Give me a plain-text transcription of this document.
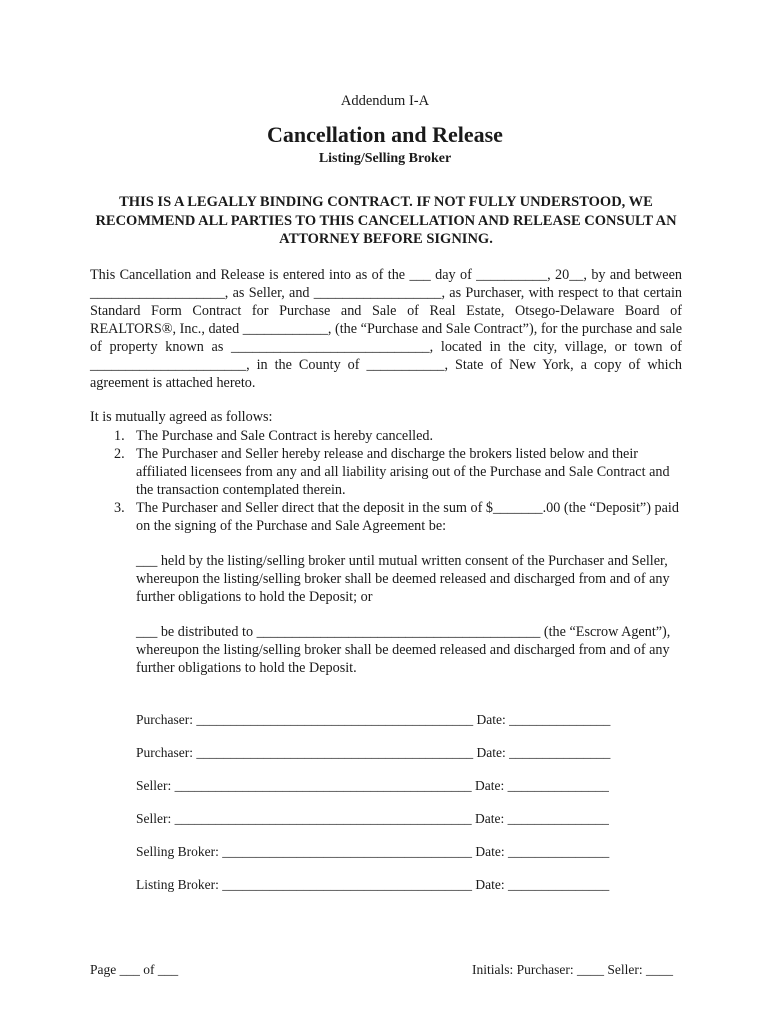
Addendum I-A
Cancellation and Release
Listing/Selling Broker
THIS IS A LEGALLY BINDING CONTRACT. IF NOT FULLY UNDERSTOOD, WE RECOMMEND ALL PARTIES TO THIS CANCELLATION AND RELEASE CONSULT AN ATTORNEY BEFORE SIGNING.
This Cancellation and Release is entered into as of the ___ day of __________, 20__, by and between ___________________, as Seller, and __________________, as Purchaser, with respect to that certain Standard Form Contract for Purchase and Sale of Real Estate, Otsego-Delaware Board of REALTORS®, Inc., dated ____________, (the “Purchase and Sale Contract”), for the purchase and sale of property known as ____________________________, located in the city, village, or town of ______________________, in the County of ___________, State of New York, a copy of which agreement is attached hereto.
It is mutually agreed as follows:
1. The Purchase and Sale Contract is hereby cancelled.
2. The Purchaser and Seller hereby release and discharge the brokers listed below and their affiliated licensees from any and all liability arising out of the Purchase and Sale Contract and the transaction contemplated therein.
3. The Purchaser and Seller direct that the deposit in the sum of $_______.00 (the “Deposit”) paid on the signing of the Purchase and Sale Agreement be:
___ held by the listing/selling broker until mutual written consent of the Purchaser and Seller, whereupon the listing/selling broker shall be deemed released and discharged from and of any further obligations to hold the Deposit; or
___ be distributed to ________________________________________ (the “Escrow Agent”), whereupon the listing/selling broker shall be deemed released and discharged from and of any further obligations to hold the Deposit.
Purchaser: _________________________________________ Date: _______________
Purchaser: _________________________________________ Date: _______________
Seller: ____________________________________________ Date: _______________
Seller: ____________________________________________ Date: _______________
Selling Broker: _____________________________________ Date: _______________
Listing Broker: _____________________________________ Date: _______________
Page ___ of ___	Initials: Purchaser: ____ Seller: ____
